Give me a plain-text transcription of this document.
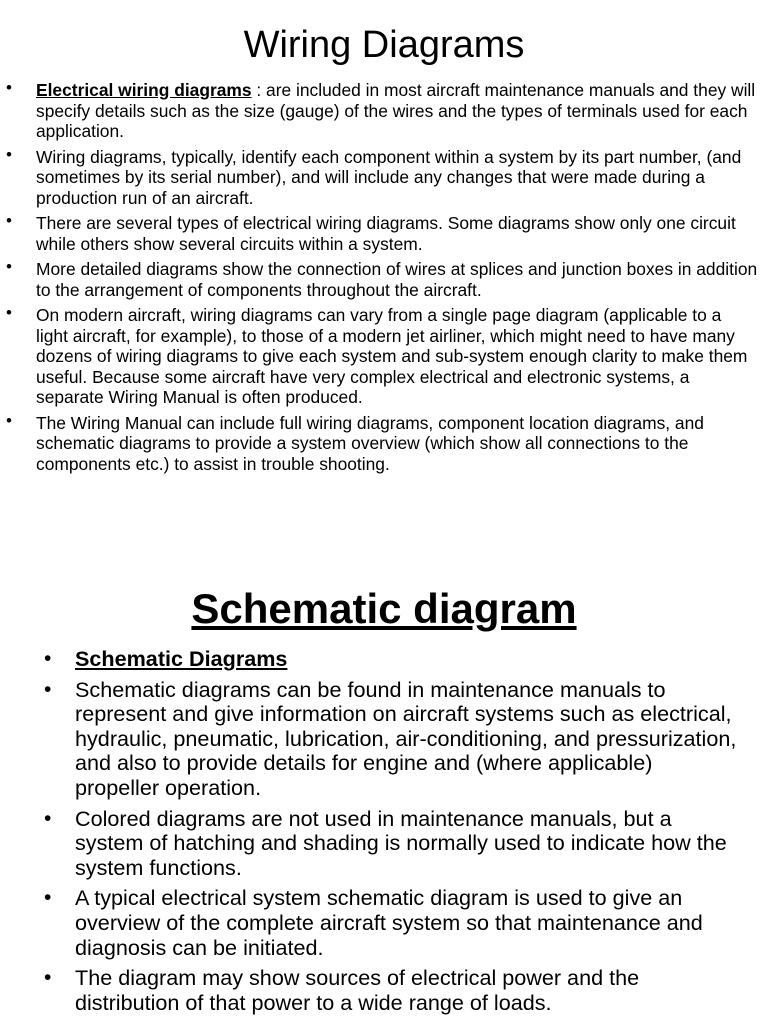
Wiring Diagrams
• Electrical wiring diagrams : are included in most aircraft maintenance manuals and they will specify details such as the size (gauge) of the wires and the types of terminals used for each application.
• Wiring diagrams, typically, identify each component within a system by its part number, (and sometimes by its serial number), and will include any changes that were made during a production run of an aircraft.
• There are several types of electrical wiring diagrams. Some diagrams show only one circuit while others show several circuits within a system.
• More detailed diagrams show the connection of wires at splices and junction boxes in addition to the arrangement of components throughout the aircraft.
• On modern aircraft, wiring diagrams can vary from a single page diagram (applicable to a light aircraft, for example), to those of a modern jet airliner, which might need to have many dozens of wiring diagrams to give each system and sub-system enough clarity to make them useful. Because some aircraft have very complex electrical and electronic systems, a separate Wiring Manual is often produced.
• The Wiring Manual can include full wiring diagrams, component location diagrams, and schematic diagrams to provide a system overview (which show all connections to the components etc.) to assist in trouble shooting.
Schematic diagram
• Schematic Diagrams
• Schematic diagrams can be found in maintenance manuals to represent and give information on aircraft systems such as electrical, hydraulic, pneumatic, lubrication, air-conditioning, and pressurization, and also to provide details for engine and (where applicable) propeller operation.
• Colored diagrams are not used in maintenance manuals, but a system of hatching and shading is normally used to indicate how the system functions.
• A typical electrical system schematic diagram is used to give an overview of the complete aircraft system so that maintenance and diagnosis can be initiated.
• The diagram may show sources of electrical power and the distribution of that power to a wide range of loads.
